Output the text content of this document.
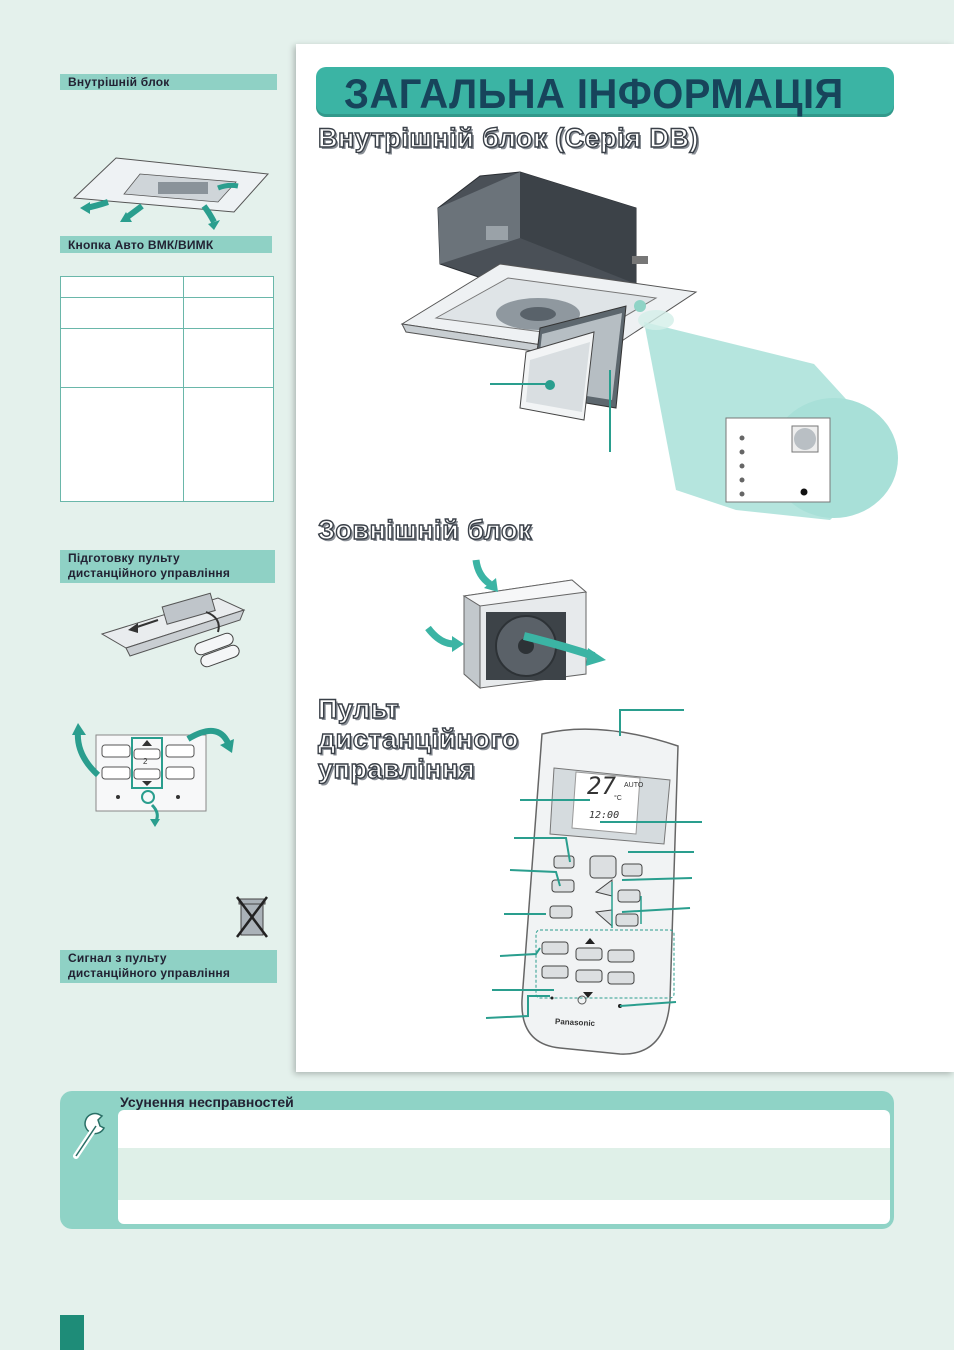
Внутрішній блок
Кнопка Авто ВМК/ВИМК

Підготовку пульту
дистанційного управління
2
Сигнал з пульту
дистанційного управління
ЗАГАЛЬНА ІНФОРМАЦІЯ
Внутрішній блок (Серія DB)
Зовнішній блок
Пульт
дистанційного
управління
27
°C
AUTO
12:00
Panasonic
Усунення несправностей
